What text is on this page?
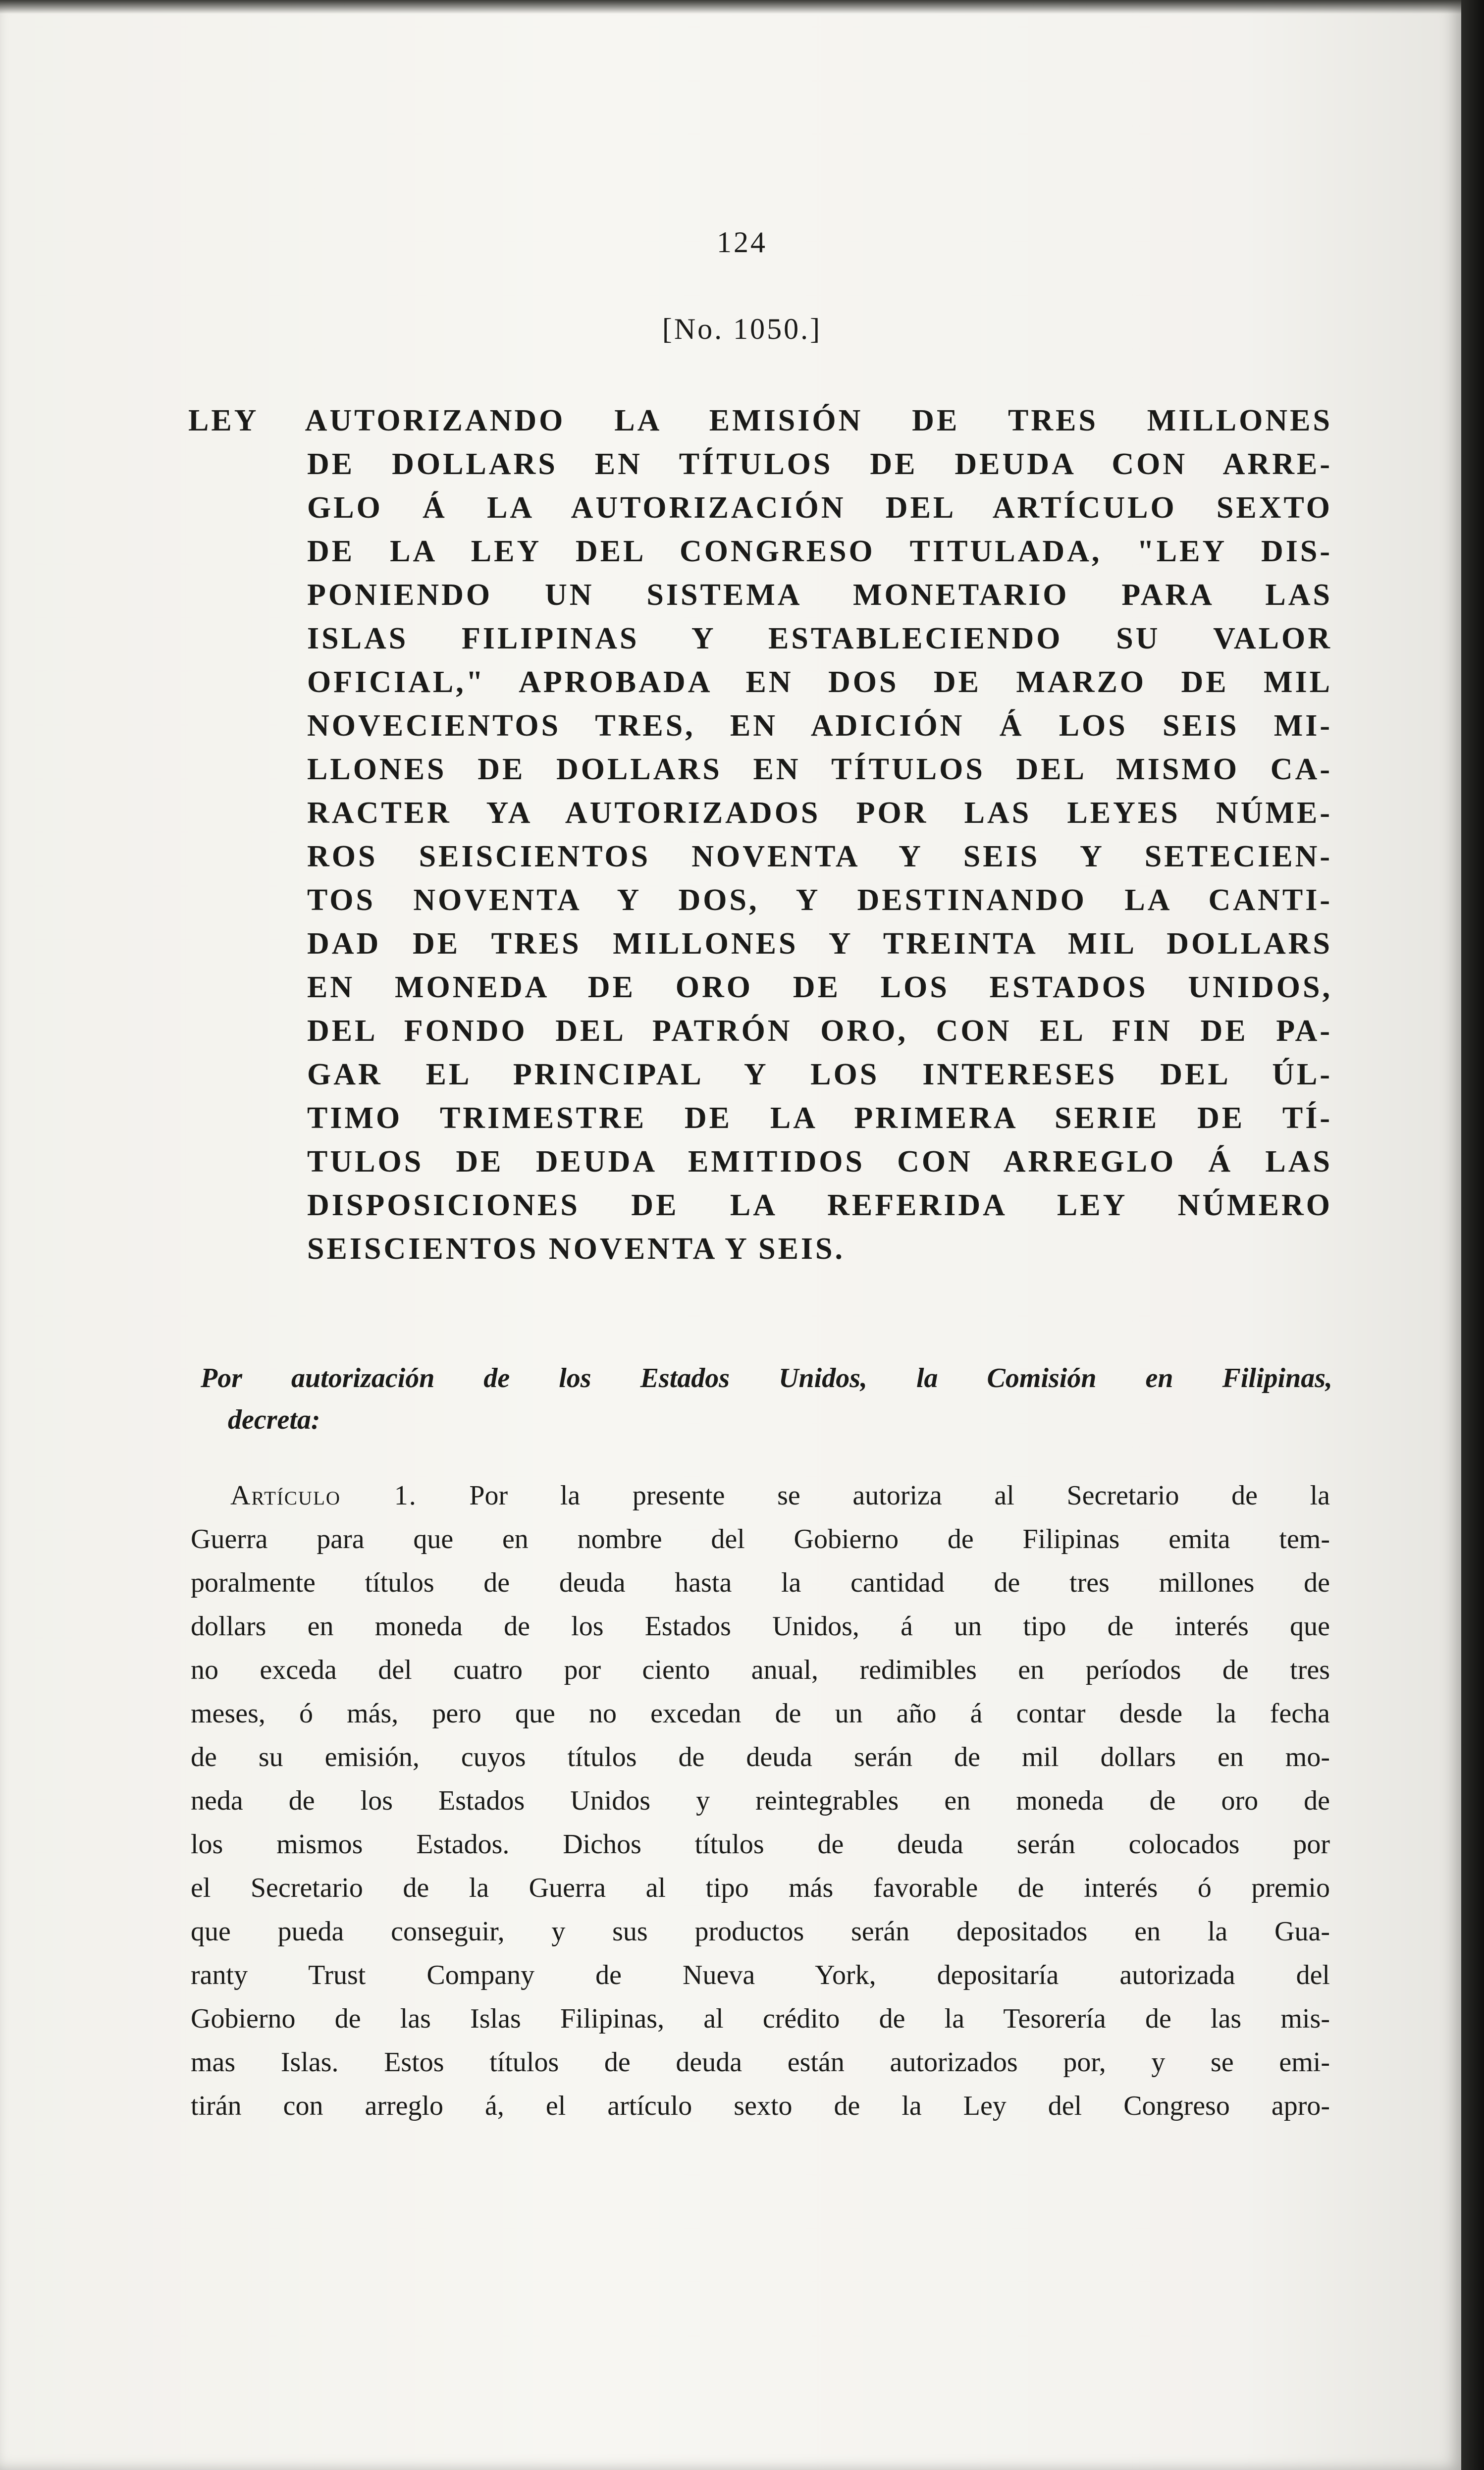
124
[No. 1050.]
LEY AUTORIZANDO LA EMISIÓN DE TRES MILLONES
DE DOLLARS EN TÍTULOS DE DEUDA CON ARRE-
GLO Á LA AUTORIZACIÓN DEL ARTÍCULO SEXTO
DE LA LEY DEL CONGRESO TITULADA, "LEY DIS-
PONIENDO UN SISTEMA MONETARIO PARA LAS
ISLAS FILIPINAS Y ESTABLECIENDO SU VALOR
OFICIAL," APROBADA EN DOS DE MARZO DE MIL
NOVECIENTOS TRES, EN ADICIÓN Á LOS SEIS MI-
LLONES DE DOLLARS EN TÍTULOS DEL MISMO CA-
RACTER YA AUTORIZADOS POR LAS LEYES NÚME-
ROS SEISCIENTOS NOVENTA Y SEIS Y SETECIEN-
TOS NOVENTA Y DOS, Y DESTINANDO LA CANTI-
DAD DE TRES MILLONES Y TREINTA MIL DOLLARS
EN MONEDA DE ORO DE LOS ESTADOS UNIDOS,
DEL FONDO DEL PATRÓN ORO, CON EL FIN DE PA-
GAR EL PRINCIPAL Y LOS INTERESES DEL ÚL-
TIMO TRIMESTRE DE LA PRIMERA SERIE DE TÍ-
TULOS DE DEUDA EMITIDOS CON ARREGLO Á LAS
DISPOSICIONES DE LA REFERIDA LEY NÚMERO
SEISCIENTOS NOVENTA Y SEIS.
Por autorización de los Estados Unidos, la Comisión en Filipinas,
decreta:
Artículo 1. Por la presente se autoriza al Secretario de la
Guerra para que en nombre del Gobierno de Filipinas emita tem-
poralmente títulos de deuda hasta la cantidad de tres millones de
dollars en moneda de los Estados Unidos, á un tipo de interés que
no exceda del cuatro por ciento anual, redimibles en períodos de tres
meses, ó más, pero que no excedan de un año á contar desde la fecha
de su emisión, cuyos títulos de deuda serán de mil dollars en mo-
neda de los Estados Unidos y reintegrables en moneda de oro de
los mismos Estados. Dichos títulos de deuda serán colocados por
el Secretario de la Guerra al tipo más favorable de interés ó premio
que pueda conseguir, y sus productos serán depositados en la Gua-
ranty Trust Company de Nueva York, depositaría autorizada del
Gobierno de las Islas Filipinas, al crédito de la Tesorería de las mis-
mas Islas. Estos títulos de deuda están autorizados por, y se emi-
tirán con arreglo á, el artículo sexto de la Ley del Congreso apro-
